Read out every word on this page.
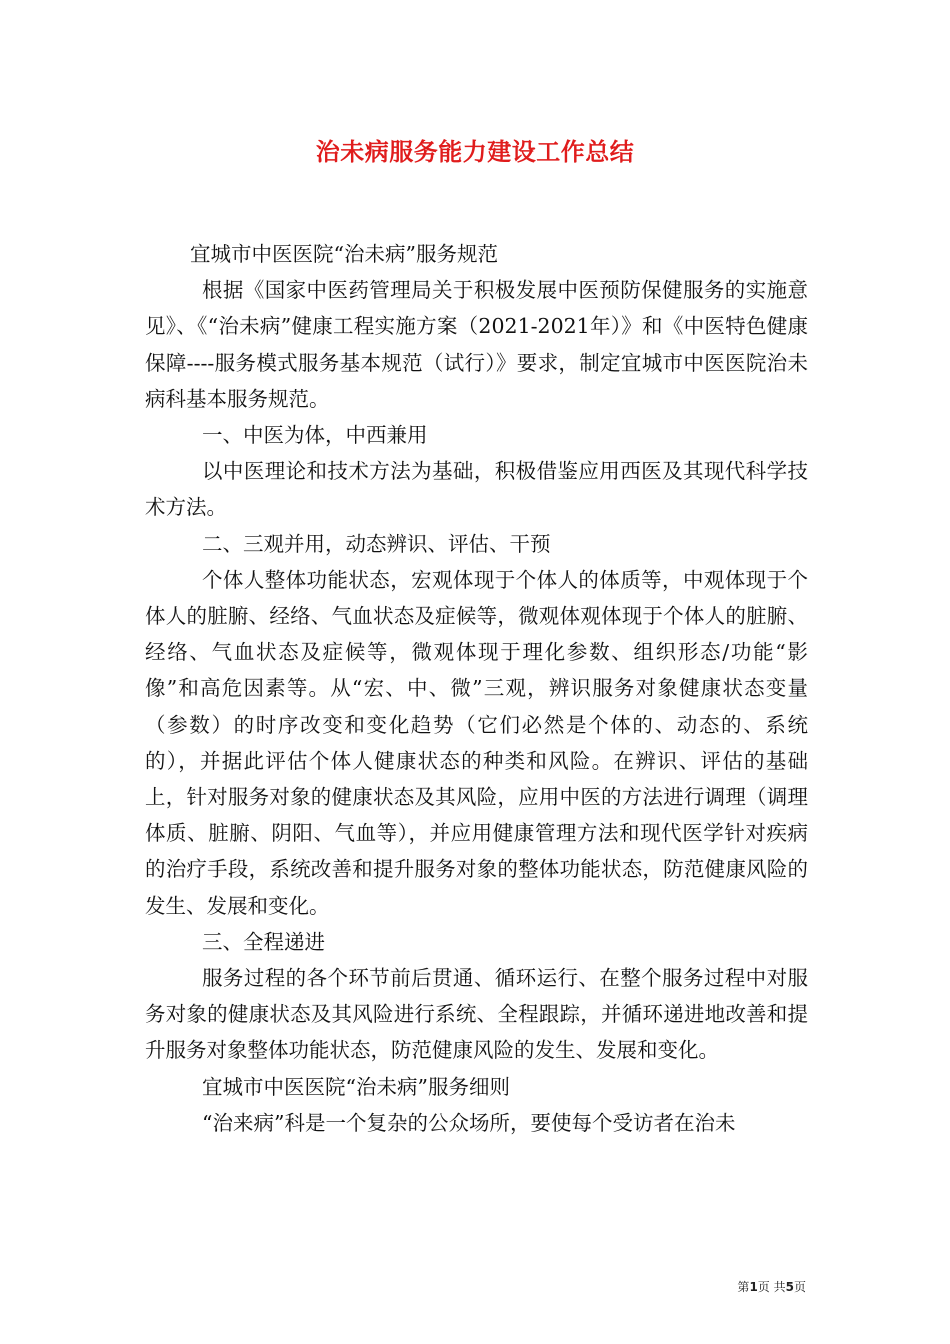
治未病服务能力建设工作总结

宜城市中医医院“治未病”服务规范

根据《国家中医药管理局关于积极发展中医预防保健服务的实施意见》、《“治未病”健康工程实施方案（2021-2021年）》和《中医特色健康保障----服务模式服务基本规范（试行）》要求，制定宜城市中医医院治未病科基本服务规范。

一、中医为体，中西兼用

以中医理论和技术方法为基础，积极借鉴应用西医及其现代科学技术方法。

二、三观并用，动态辨识、评估、干预

个体人整体功能状态，宏观体现于个体人的体质等，中观体现于个体人的脏腑、经络、气血状态及症候等，微观体观体现于个体人的脏腑、经络、气血状态及症候等，微观体现于理化参数、组织形态/功能“影像”和高危因素等。从“宏、中、微”三观，辨识服务对象健康状态变量（参数）的时序改变和变化趋势（它们必然是个体的、动态的、系统的），并据此评估个体人健康状态的种类和风险。在辨识、评估的基础上，针对服务对象的健康状态及其风险，应用中医的方法进行调理（调理体质、脏腑、阴阳、气血等），并应用健康管理方法和现代医学针对疾病的治疗手段，系统改善和提升服务对象的整体功能状态，防范健康风险的发生、发展和变化。

三、全程递进

服务过程的各个环节前后贯通、循环运行、在整个服务过程中对服务对象的健康状态及其风险进行系统、全程跟踪，并循环递进地改善和提升服务对象整体功能状态，防范健康风险的发生、发展和变化。

宜城市中医医院“治未病”服务细则

“治来病”科是一个复杂的公众场所，要使每个受访者在治未

第1页 共5页
